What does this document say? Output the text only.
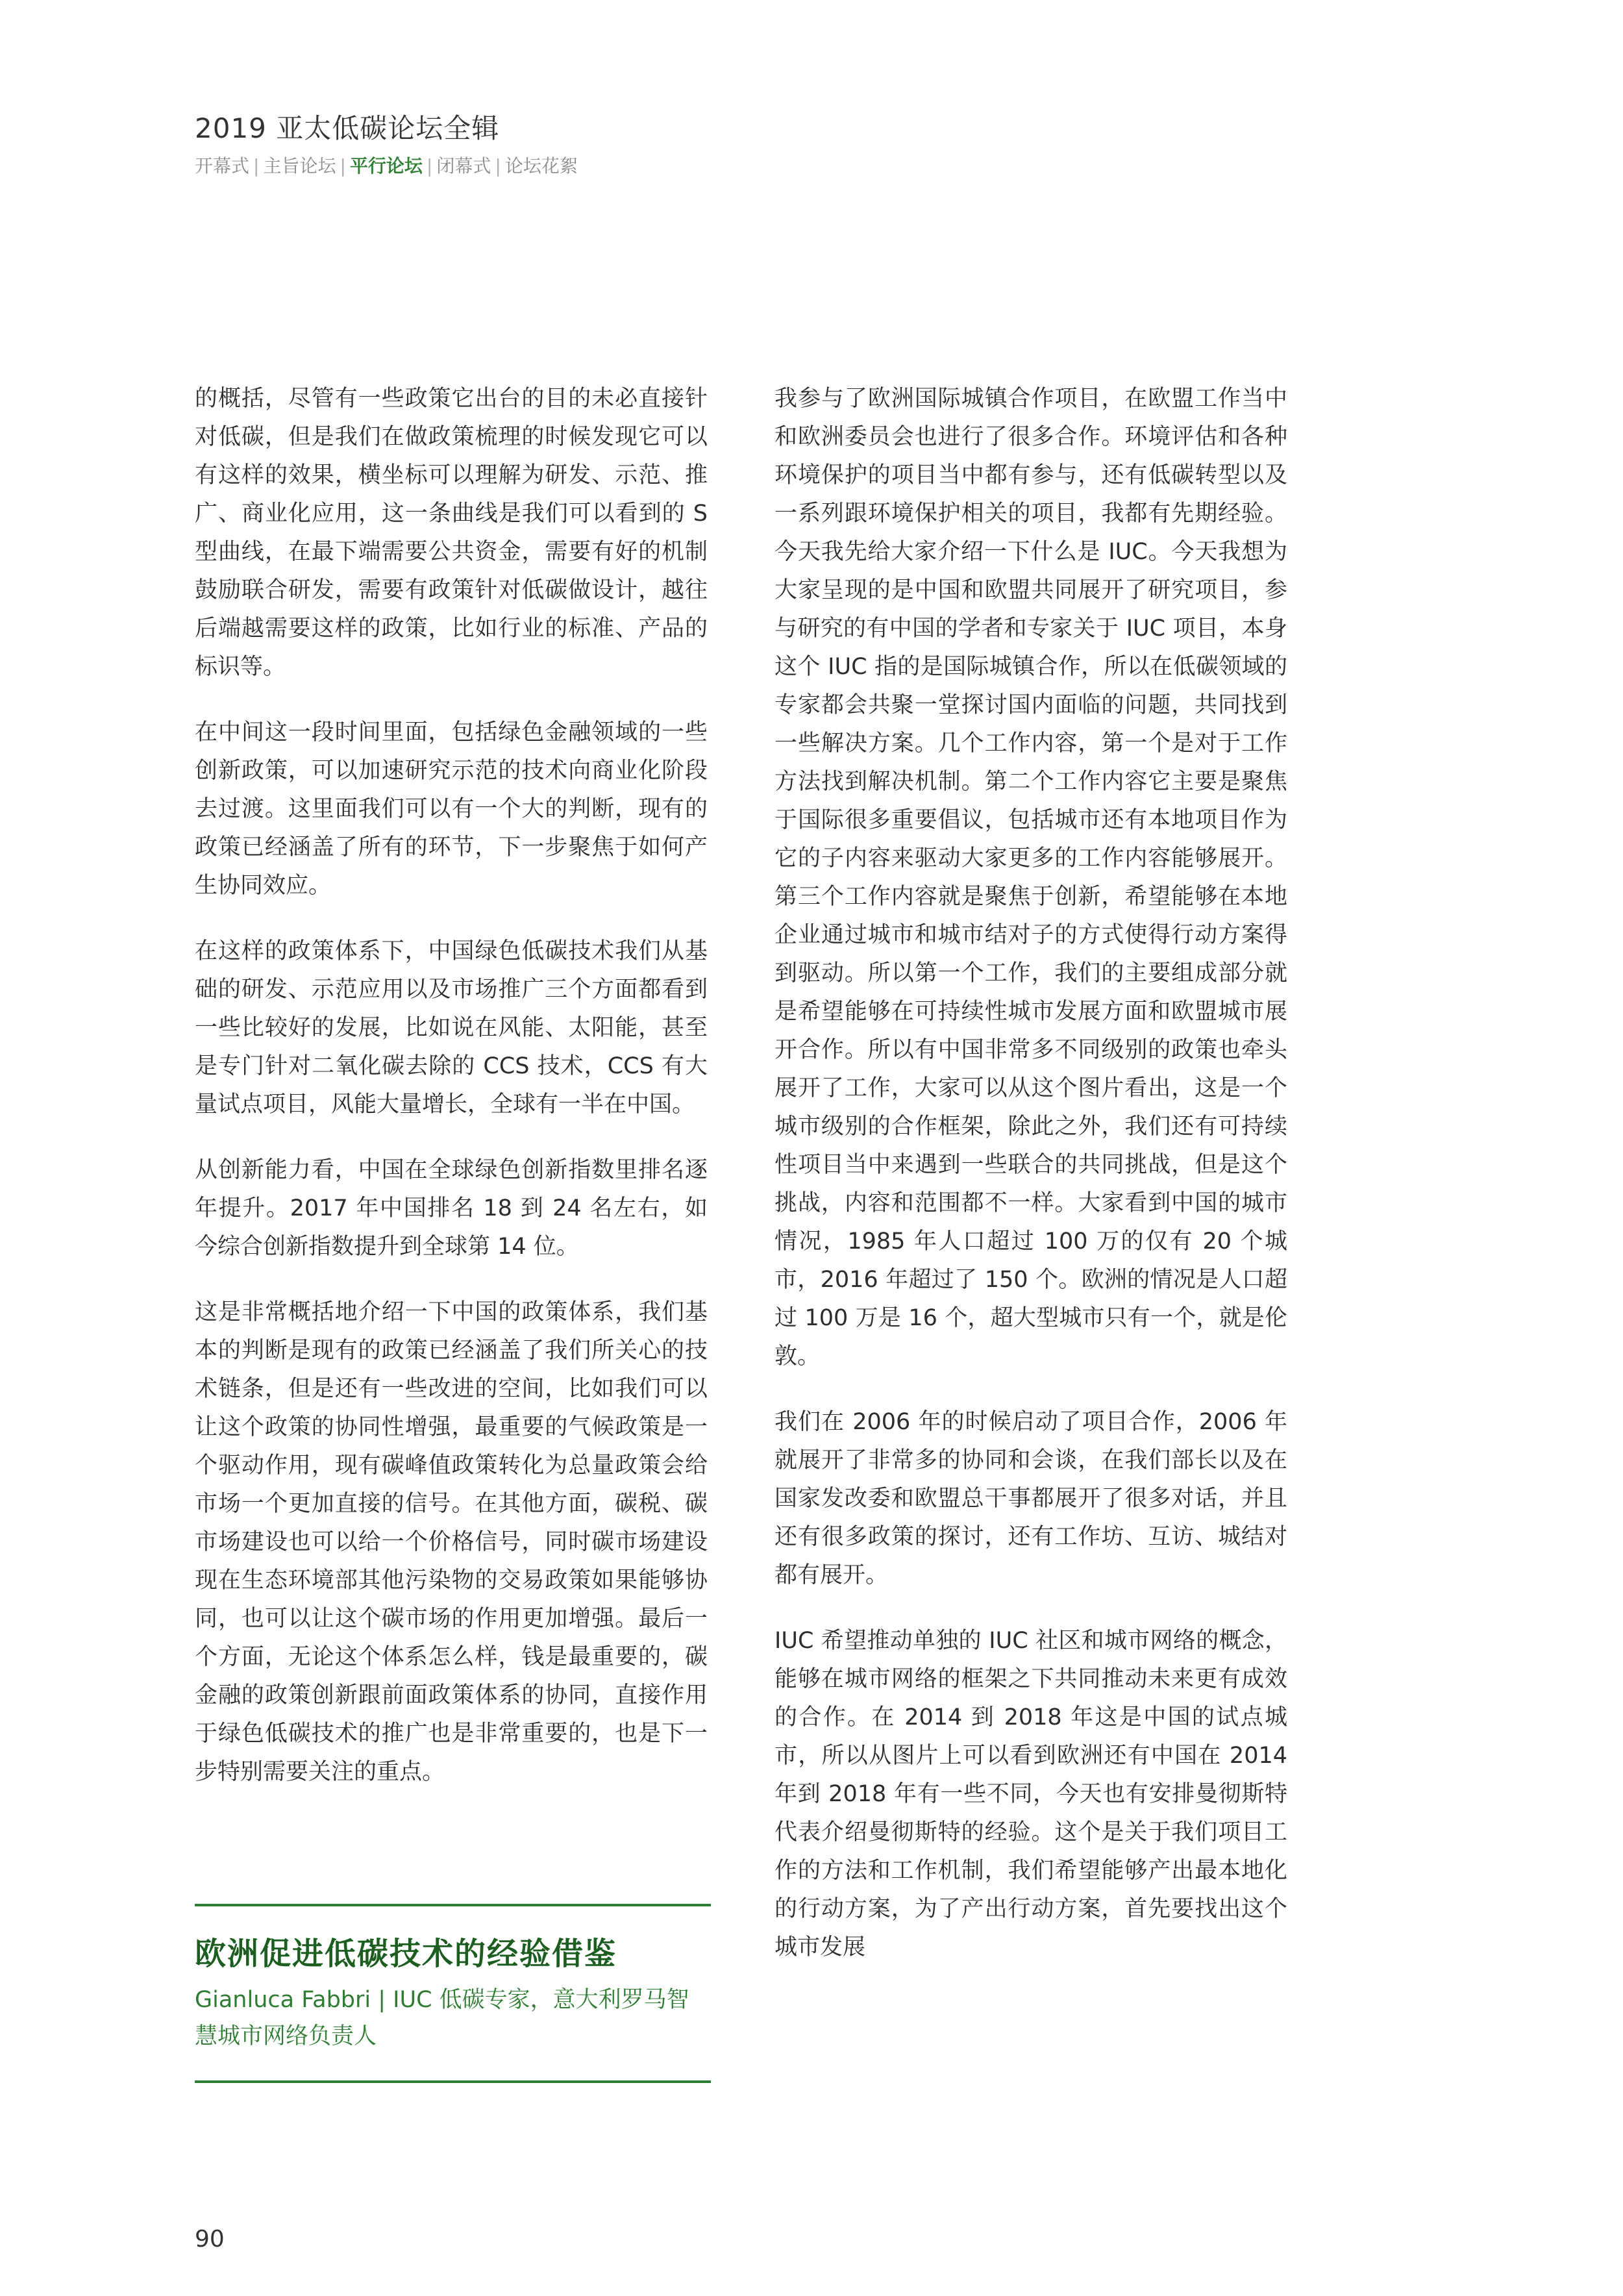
2019 亚太低碳论坛全辑
开幕式 | 主旨论坛 | 平行论坛 | 闭幕式 | 论坛花絮

的概括，尽管有一些政策它出台的目的未必直接针对低碳，但是我们在做政策梳理的时候发现它可以有这样的效果，横坐标可以理解为研发、示范、推广、商业化应用，这一条曲线是我们可以看到的 S 型曲线，在最下端需要公共资金，需要有好的机制鼓励联合研发，需要有政策针对低碳做设计，越往后端越需要这样的政策，比如行业的标准、产品的标识等。

在中间这一段时间里面，包括绿色金融领域的一些创新政策，可以加速研究示范的技术向商业化阶段去过渡。这里面我们可以有一个大的判断，现有的政策已经涵盖了所有的环节，下一步聚焦于如何产生协同效应。

在这样的政策体系下，中国绿色低碳技术我们从基础的研发、示范应用以及市场推广三个方面都看到一些比较好的发展，比如说在风能、太阳能，甚至是专门针对二氧化碳去除的 CCS 技术，CCS 有大量试点项目，风能大量增长，全球有一半在中国。

从创新能力看，中国在全球绿色创新指数里排名逐年提升。2017 年中国排名 18 到 24 名左右，如今综合创新指数提升到全球第 14 位。

这是非常概括地介绍一下中国的政策体系，我们基本的判断是现有的政策已经涵盖了我们所关心的技术链条，但是还有一些改进的空间，比如我们可以让这个政策的协同性增强，最重要的气候政策是一个驱动作用，现有碳峰值政策转化为总量政策会给市场一个更加直接的信号。在其他方面，碳税、碳市场建设也可以给一个价格信号，同时碳市场建设现在生态环境部其他污染物的交易政策如果能够协同，也可以让这个碳市场的作用更加增强。最后一个方面，无论这个体系怎么样，钱是最重要的，碳金融的政策创新跟前面政策体系的协同，直接作用于绿色低碳技术的推广也是非常重要的，也是下一步特别需要关注的重点。

欧洲促进低碳技术的经验借鉴
Gianluca Fabbri | IUC 低碳专家，意大利罗马智慧城市网络负责人

我参与了欧洲国际城镇合作项目，在欧盟工作当中和欧洲委员会也进行了很多合作。环境评估和各种环境保护的项目当中都有参与，还有低碳转型以及一系列跟环境保护相关的项目，我都有先期经验。今天我先给大家介绍一下什么是 IUC。今天我想为大家呈现的是中国和欧盟共同展开了研究项目，参与研究的有中国的学者和专家关于 IUC 项目，本身这个 IUC 指的是国际城镇合作，所以在低碳领域的专家都会共聚一堂探讨国内面临的问题，共同找到一些解决方案。几个工作内容，第一个是对于工作方法找到解决机制。第二个工作内容它主要是聚焦于国际很多重要倡议，包括城市还有本地项目作为它的子内容来驱动大家更多的工作内容能够展开。第三个工作内容就是聚焦于创新，希望能够在本地企业通过城市和城市结对子的方式使得行动方案得到驱动。所以第一个工作，我们的主要组成部分就是希望能够在可持续性城市发展方面和欧盟城市展开合作。所以有中国非常多不同级别的政策也牵头展开了工作，大家可以从这个图片看出，这是一个城市级别的合作框架，除此之外，我们还有可持续性项目当中来遇到一些联合的共同挑战，但是这个挑战，内容和范围都不一样。大家看到中国的城市情况，1985 年人口超过 100 万的仅有 20 个城市，2016 年超过了 150 个。欧洲的情况是人口超过 100 万是 16 个，超大型城市只有一个，就是伦敦。

我们在 2006 年的时候启动了项目合作，2006 年就展开了非常多的协同和会谈，在我们部长以及在国家发改委和欧盟总干事都展开了很多对话，并且还有很多政策的探讨，还有工作坊、互访、城结对都有展开。

IUC 希望推动单独的 IUC 社区和城市网络的概念，能够在城市网络的框架之下共同推动未来更有成效的合作。在 2014 到 2018 年这是中国的试点城市，所以从图片上可以看到欧洲还有中国在 2014 年到 2018 年有一些不同，今天也有安排曼彻斯特代表介绍曼彻斯特的经验。这个是关于我们项目工作的方法和工作机制，我们希望能够产出最本地化的行动方案，为了产出行动方案，首先要找出这个城市发展

90
